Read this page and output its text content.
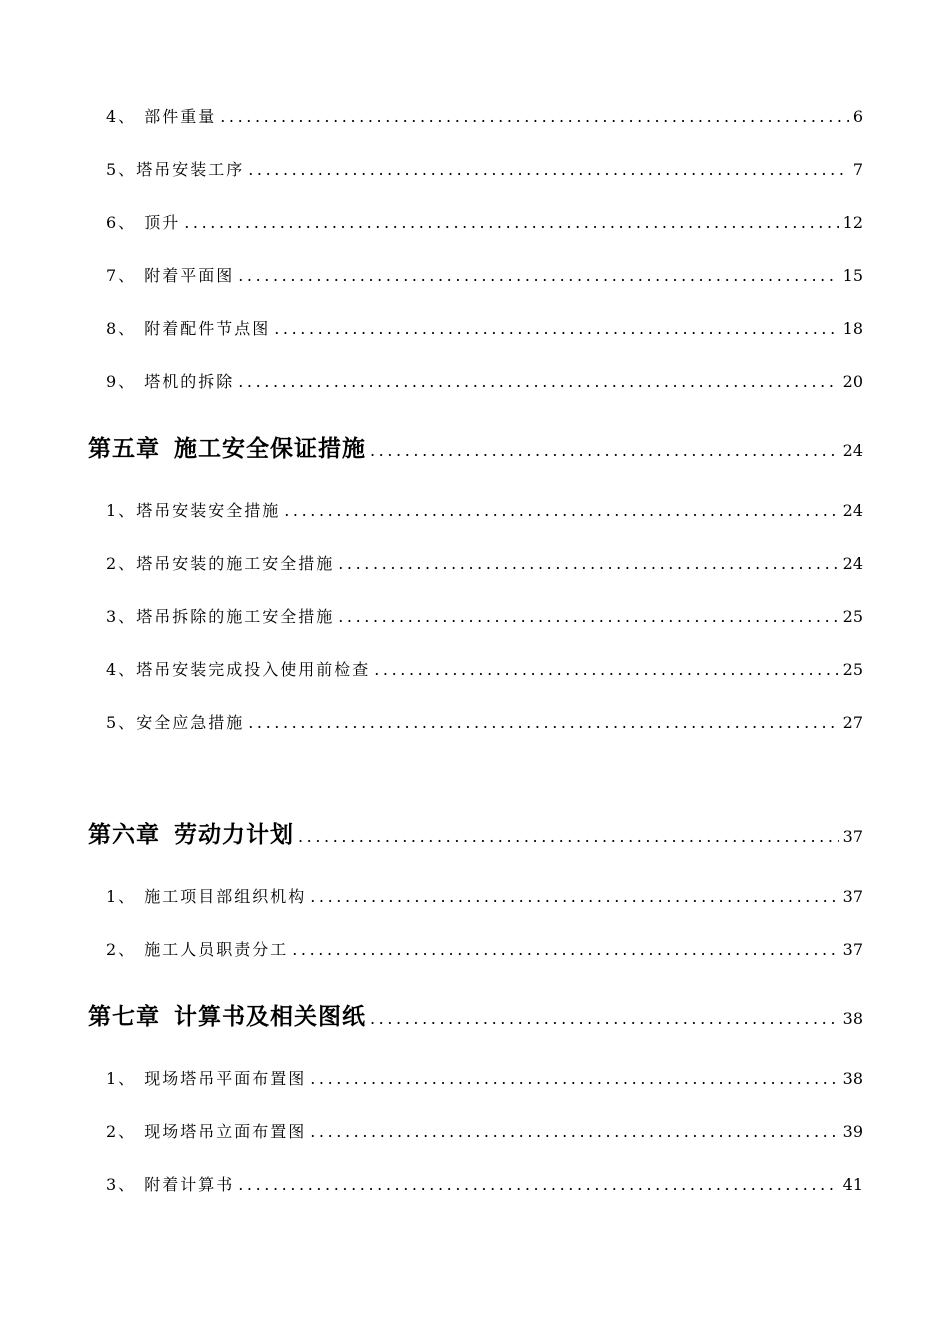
4、 部件重量 .....	6
5、 塔吊安装工序 .....	7
6、 顶升 .....	12
7、 附着平面图 .....	15
8、 附着配件节点图 .....	18
9、 塔机的拆除 .....	20
第五章 施工安全保证措施 .....	24
1、 塔吊安装安全措施 .....	24
2、 塔吊安装的施工安全措施 .....	24
3、 塔吊拆除的施工安全措施 .....	25
4、 塔吊安装完成投入使用前检查 .....	25
5、 安全应急措施 .....	27
第六章 劳动力计划 .....	37
1、 施工项目部组织机构 .....	37
2、 施工人员职责分工 .....	37
第七章 计算书及相关图纸 .....	38
1、 现场塔吊平面布置图 .....	38
2、 现场塔吊立面布置图 .....	39
3、 附着计算书 .....	41
